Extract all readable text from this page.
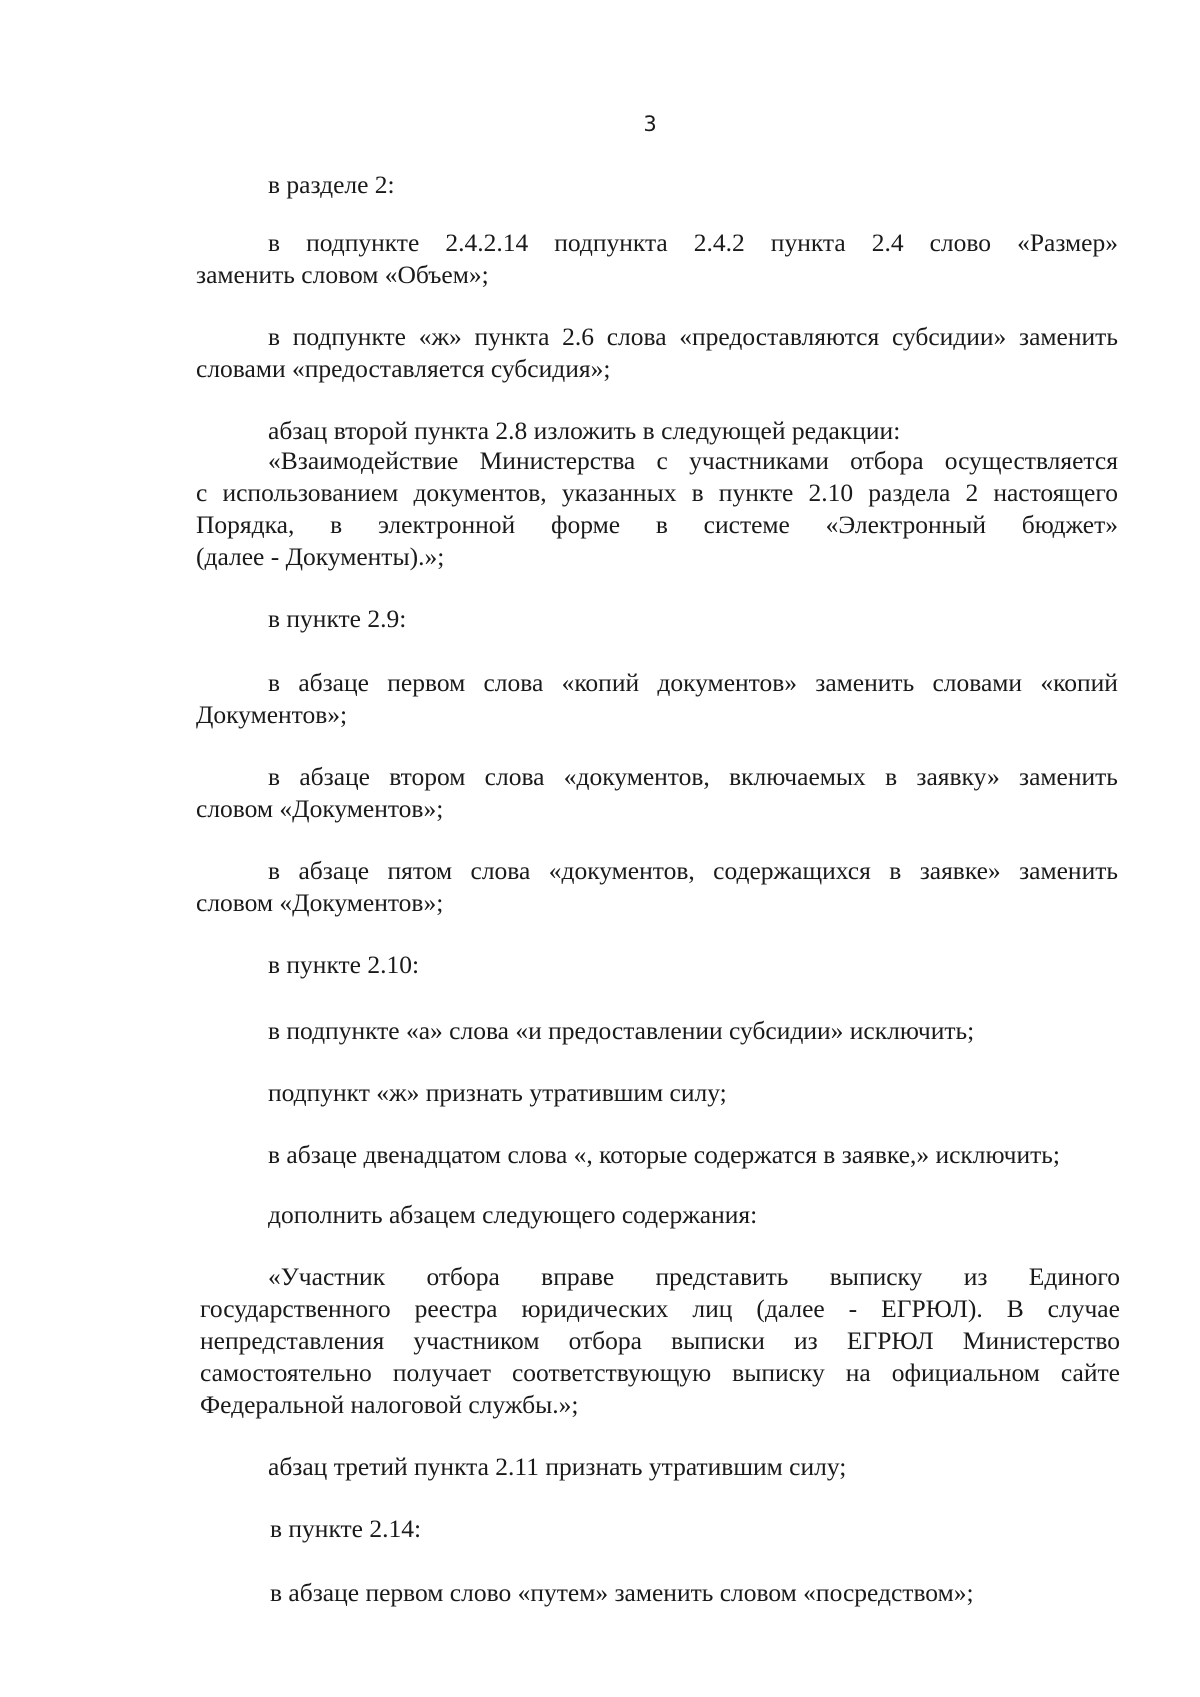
3
в разделе 2:
в подпункте 2.4.2.14 подпункта 2.4.2 пункта 2.4 слово «Размер»
заменить словом «Объем»;
в подпункте «ж» пункта 2.6 слова «предоставляются субсидии» заменить
словами «предоставляется субсидия»;
абзац второй пункта 2.8 изложить в следующей редакции:
«Взаимодействие Министерства с участниками отбора осуществляется
с использованием документов, указанных в пункте 2.10 раздела 2 настоящего
Порядка, в электронной форме в системе «Электронный бюджет»
(далее - Документы).»;
в пункте 2.9:
в абзаце первом слова «копий документов» заменить словами «копий
Документов»;
в абзаце втором слова «документов, включаемых в заявку» заменить
словом «Документов»;
в абзаце пятом слова «документов, содержащихся в заявке» заменить
словом «Документов»;
в пункте 2.10:
в подпункте «а» слова «и предоставлении субсидии» исключить;
подпункт «ж» признать утратившим силу;
в абзаце двенадцатом слова «, которые содержатся в заявке,» исключить;
дополнить абзацем следующего содержания:
«Участник отбора вправе представить выписку из Единого
государственного реестра юридических лиц (далее - ЕГРЮЛ). В случае
непредставления участником отбора выписки из ЕГРЮЛ Министерство
самостоятельно получает соответствующую выписку на официальном сайте
Федеральной налоговой службы.»;
абзац третий пункта 2.11 признать утратившим силу;
в пункте 2.14:
в абзаце первом слово «путем» заменить словом «посредством»;
